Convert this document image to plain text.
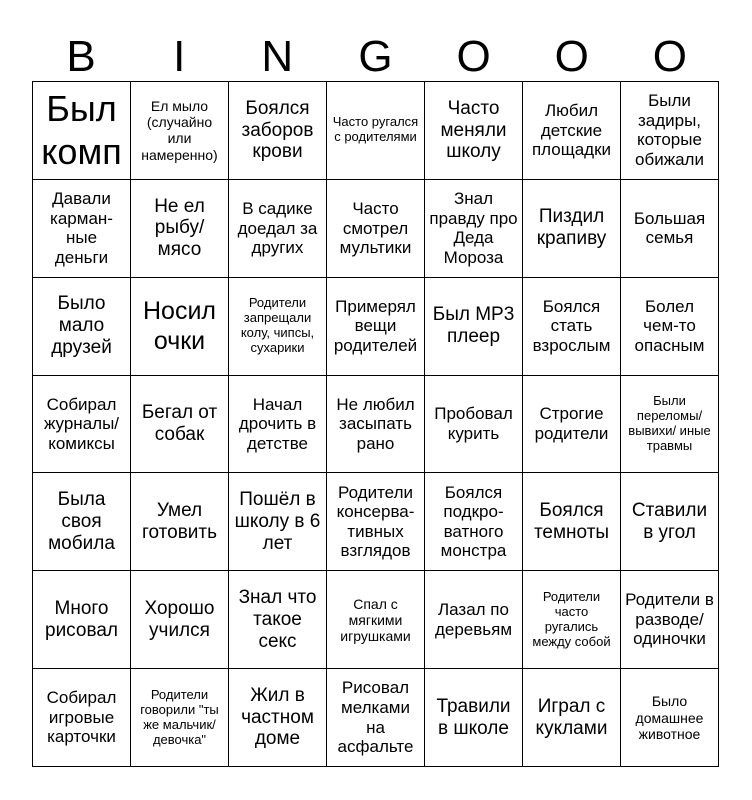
B	I	N	G	O	O	O
Был комп
Ел мыло (случайно или намеренно)
Боялся заборов крови
Часто ругался с родителями
Часто меняли школу
Любил детские площадки
Были задиры, которые обижали
Давали карман-ные деньги
Не ел рыбу/ мясо
В садике доедал за других
Часто смотрел мультики
Знал правду про Деда Мороза
Пиздил крапиву
Большая семья
Было мало друзей
Носил очки
Родители запрещали колу, чипсы, сухарики
Примерял вещи родителей
Был MP3 плеер
Боялся стать взрослым
Болел чем-то опасным
Собирал журналы/ комиксы
Бегал от собак
Начал дрочить в детстве
Не любил засыпать рано
Пробовал курить
Строгие родители
Были переломы/ вывихи/ иные травмы
Была своя мобила
Умел готовить
Пошёл в школу в 6 лет
Родители консерва-тивных взглядов
Боялся подкро-ватного монстра
Боялся темноты
Ставили в угол
Много рисовал
Хорошо учился
Знал что такое секс
Спал с мягкими игрушками
Лазал по деревьям
Родители часто ругались между собой
Родители в разводе/ одиночки
Собирал игровые карточки
Родители говорили "ты же мальчик/ девочка"
Жил в частном доме
Рисовал мелками на асфальте
Травили в школе
Играл с куклами
Было домашнее животное
